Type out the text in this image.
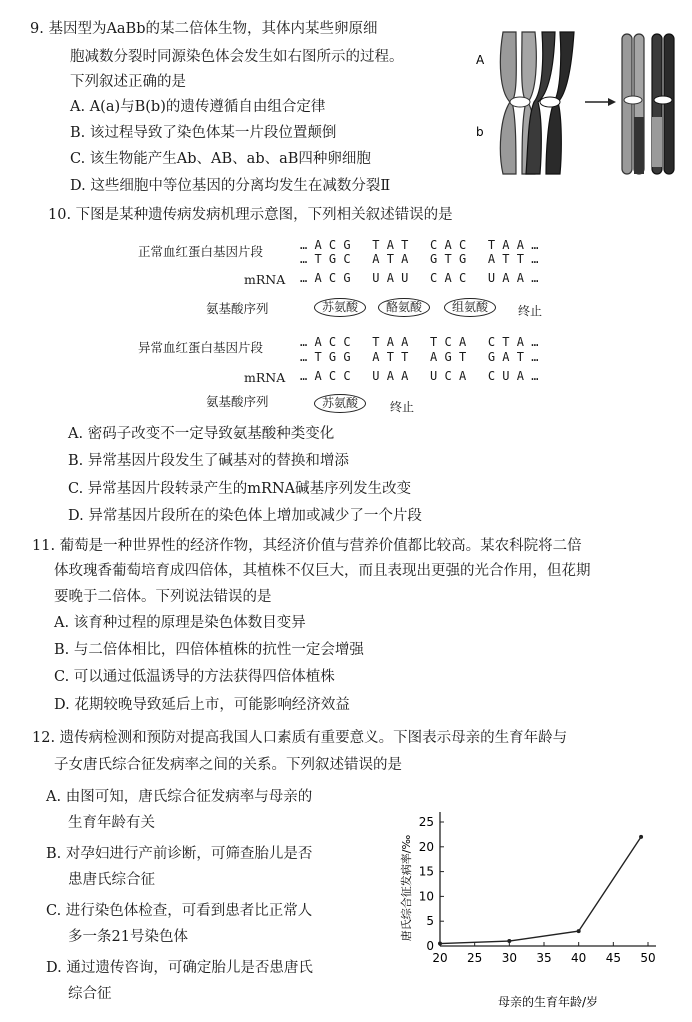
9. 基因型为AaBb的某二倍体生物，其体内某些卵原细
胞减数分裂时同源染色体会发生如右图所示的过程。
下列叙述正确的是
A. A(a)与B(b)的遗传遵循自由组合定律
B. 该过程导致了染色体某一片段位置颠倒
C. 该生物能产生Ab、AB、ab、aB四种卵细胞
D. 这些细胞中等位基因的分离均发生在减数分裂Ⅱ
A
b
10. 下图是某种遗传病发病机理示意图，下列相关叙述错误的是
正常血红蛋白基因片段	… A C G   T A T   C A C   T A A …
… T G C   A T A   G T G   A T T …
mRNA … A C G   U A U   C A C   U A A …
氨基酸序列	苏氨酸	酪氨酸	组氨酸	终止
异常血红蛋白基因片段	… A C C   T A A   T C A   C T A …
… T G G   A T T   A G T   G A T …
mRNA … A C C   U A A   U C A   C U A …
氨基酸序列	苏氨酸	终止
A. 密码子改变不一定导致氨基酸种类变化
B. 异常基因片段发生了碱基对的替换和增添
C. 异常基因片段转录产生的mRNA碱基序列发生改变
D. 异常基因片段所在的染色体上增加或减少了一个片段
11. 葡萄是一种世界性的经济作物，其经济价值与营养价值都比较高。某农科院将二倍
体玫瑰香葡萄培育成四倍体，其植株不仅巨大，而且表现出更强的光合作用，但花期
要晚于二倍体。下列说法错误的是
A. 该育种过程的原理是染色体数目变异
B. 与二倍体相比，四倍体植株的抗性一定会增强
C. 可以通过低温诱导的方法获得四倍体植株
D. 花期较晚导致延后上市，可能影响经济效益
12. 遗传病检测和预防对提高我国人口素质有重要意义。下图表示母亲的生育年龄与
子女唐氏综合征发病率之间的关系。下列叙述错误的是
A. 由图可知，唐氏综合征发病率与母亲的
生育年龄有关
B. 对孕妇进行产前诊断，可筛查胎儿是否
患唐氏综合征
C. 进行染色体检查，可看到患者比正常人
多一条21号染色体
D. 通过遗传咨询，可确定胎儿是否患唐氏
综合征
唐氏综合征发病率/‰
母亲的生育年龄/岁
0
5
10
15
20
25
20 25 30 35 40 45 50
